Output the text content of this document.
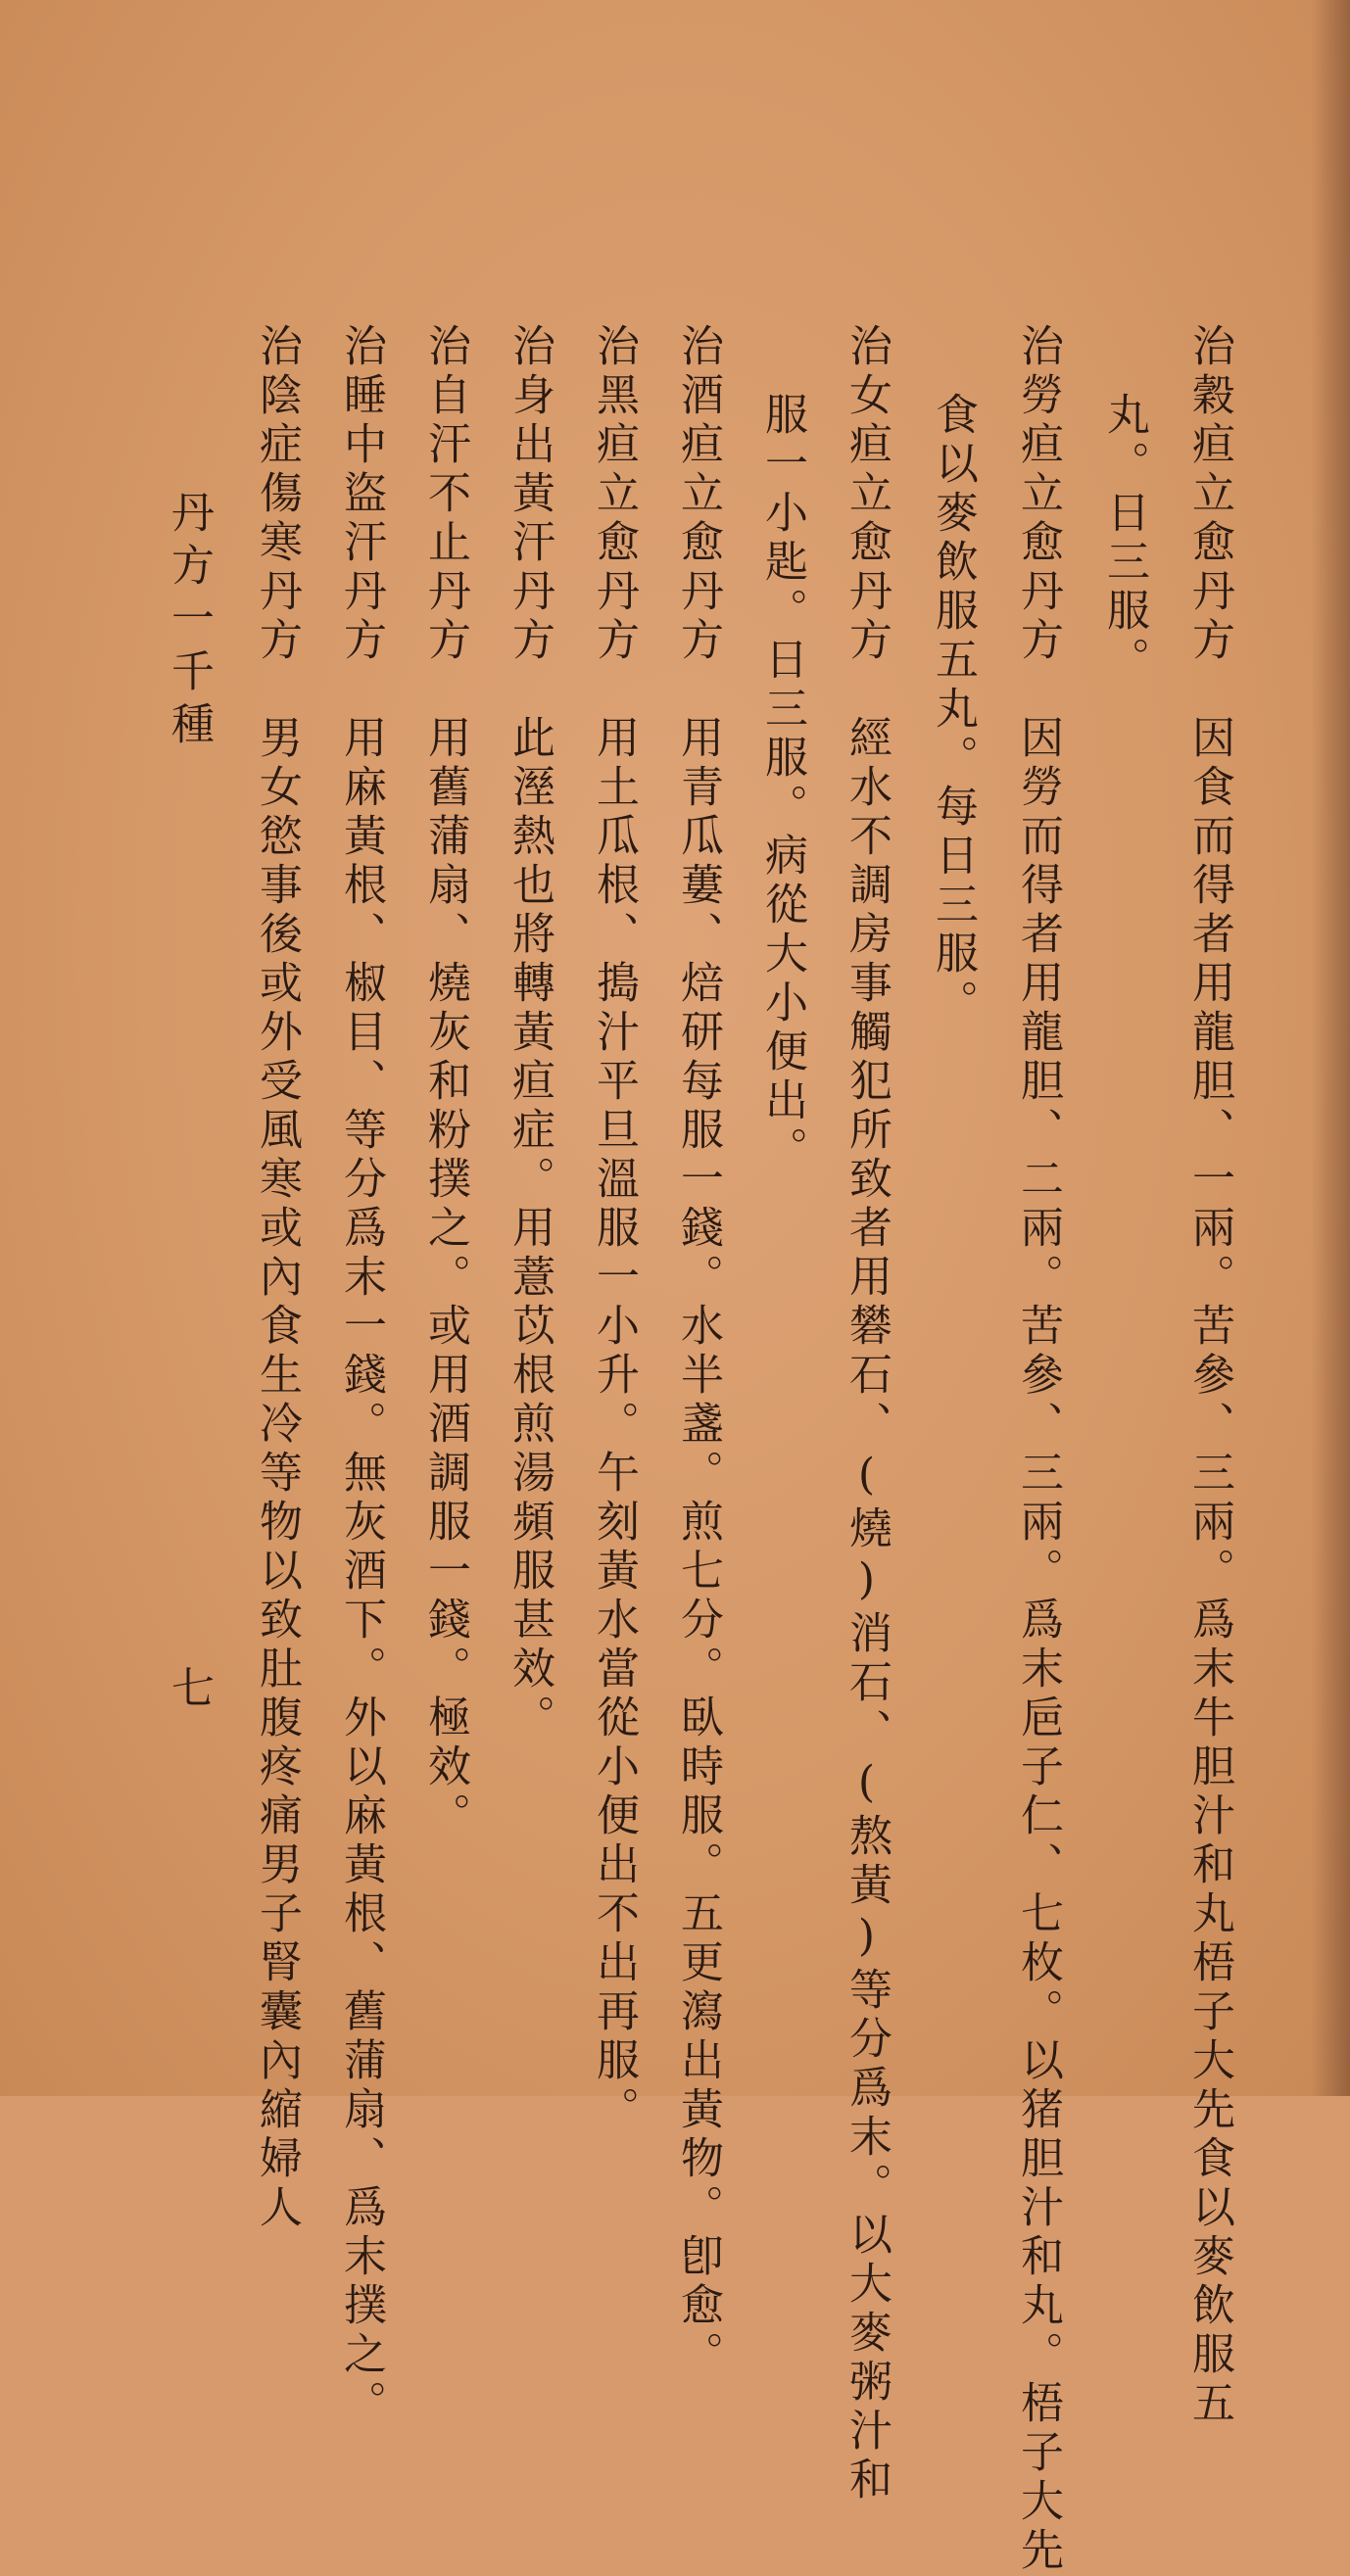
治穀疸立愈丹方　因食而得者用龍胆、一兩。苦參、三兩。爲末牛胆汁和丸梧子大先食以麥飲服五
丸。日三服。
治勞疸立愈丹方　因勞而得者用龍胆、二兩。苦參、三兩。爲末巵子仁、七枚。以猪胆汁和丸。梧子大先
食以麥飲服五丸。每日三服。
治女疸立愈丹方　經水不調房事觸犯所致者用礬石、(燒)消石、(熬黃)等分爲末。以大麥粥汁和
服一小匙。日三服。病從大小便出。
治酒疸立愈丹方　用青瓜蔞、焙研每服一錢。水半盞。煎七分。臥時服。五更瀉出黃物。卽愈。
治黑疸立愈丹方　用土瓜根、搗汁平旦溫服一小升。午刻黃水當從小便出不出再服。
治身出黃汗丹方　此溼熱也將轉黃疸症。用薏苡根煎湯頻服甚效。
治自汗不止丹方　用舊蒲扇、燒灰和粉撲之。或用酒調服一錢。極效。
治睡中盜汗丹方　用麻黃根、椒目、等分爲末一錢。無灰酒下。外以麻黃根、舊蒲扇、爲末撲之。
治陰症傷寒丹方　男女慾事後或外受風寒或內食生冷等物以致肚腹疼痛男子腎囊內縮婦人
丹方一千種
七
